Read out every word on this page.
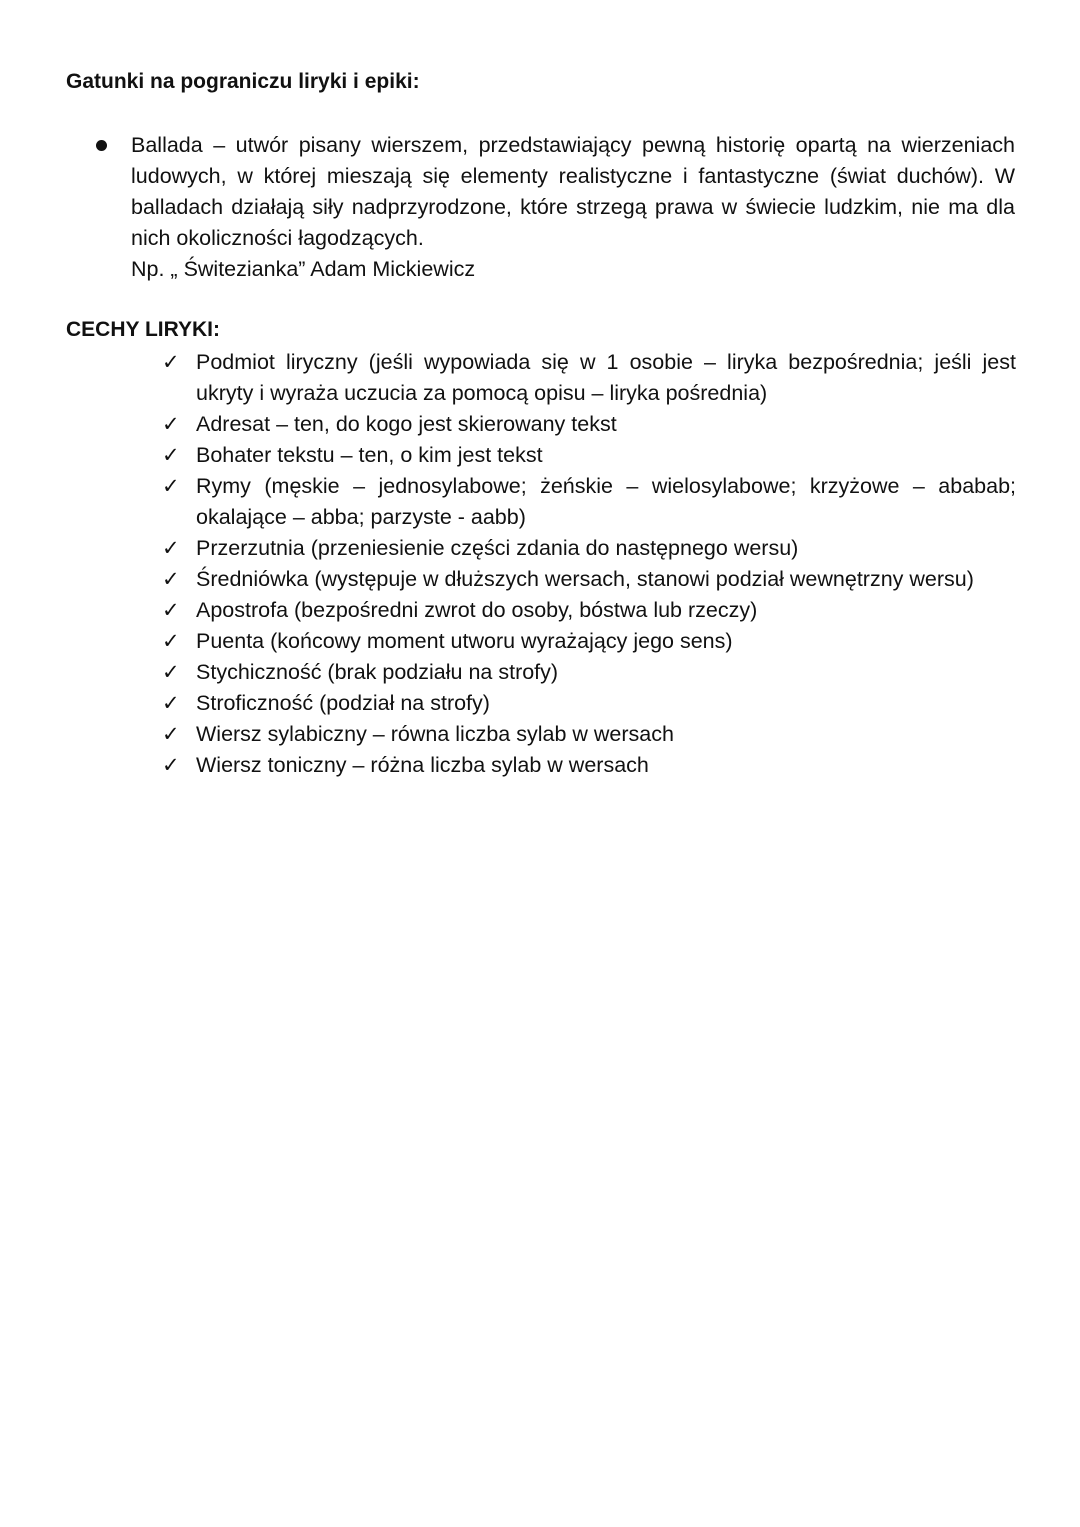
Gatunki na pograniczu liryki i epiki:
Ballada – utwór pisany wierszem, przedstawiający pewną historię opartą na wierzeniach ludowych, w której mieszają się elementy realistyczne i fantastyczne (świat duchów). W balladach działają siły nadprzyrodzone, które strzegą prawa w świecie ludzkim, nie ma dla nich okoliczności łagodzących.
Np. „ Świtezianka” Adam Mickiewicz
CECHY LIRYKI:
✓ Podmiot liryczny (jeśli wypowiada się w 1 osobie – liryka bezpośrednia; jeśli jest ukryty i wyraża uczucia za pomocą opisu – liryka pośrednia)
✓ Adresat – ten, do kogo jest skierowany tekst
✓ Bohater tekstu – ten, o kim jest tekst
✓ Rymy (męskie – jednosylabowe; żeńskie – wielosylabowe; krzyżowe – ababab; okalające – abba; parzyste - aabb)
✓ Przerzutnia (przeniesienie części zdania do następnego wersu)
✓ Średniówka (występuje w dłuższych wersach, stanowi podział wewnętrzny wersu)
✓ Apostrofa (bezpośredni zwrot do osoby, bóstwa lub rzeczy)
✓ Puenta (końcowy moment utworu wyrażający jego sens)
✓ Stychiczność (brak podziału na strofy)
✓ Stroficzność (podział na strofy)
✓ Wiersz sylabiczny – równa liczba sylab w wersach
✓ Wiersz toniczny – różna liczba sylab w wersach
